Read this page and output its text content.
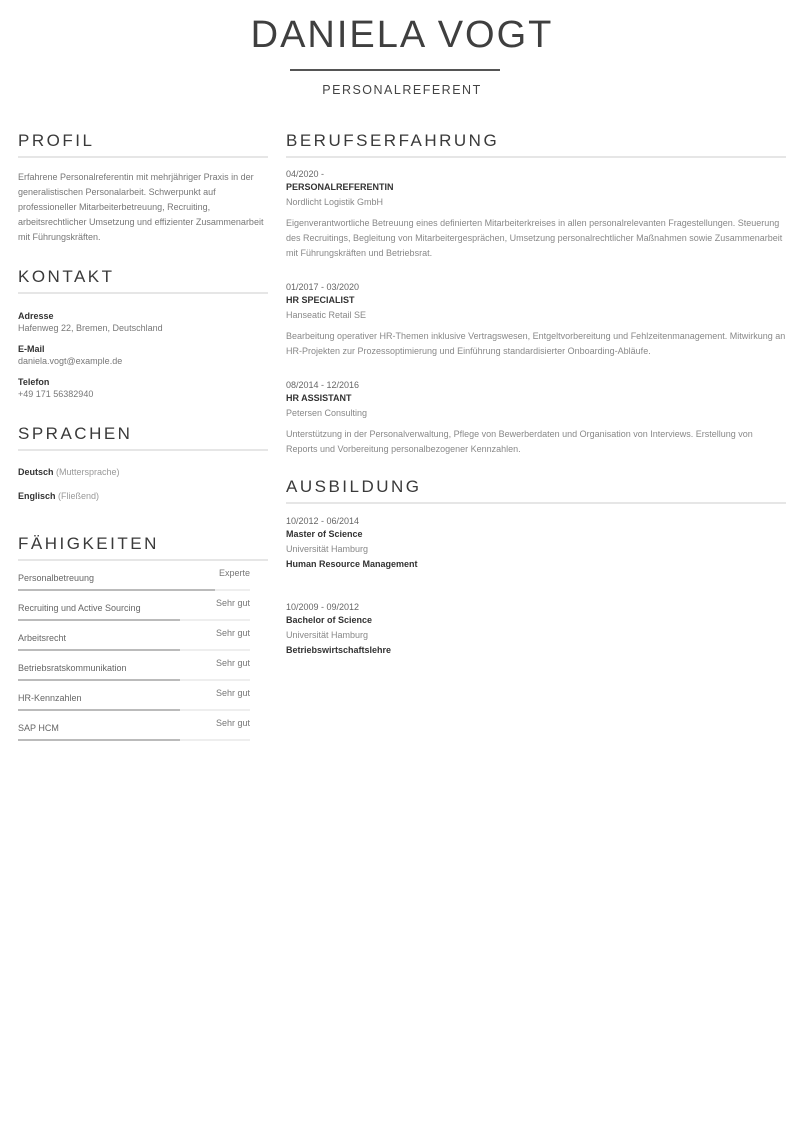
DANIELA VOGT
PERSONALREFERENT
PROFIL
Erfahrene Personalreferentin mit mehrjähriger Praxis in der generalistischen Personalarbeit. Schwerpunkt auf professioneller Mitarbeiterbetreuung, Recruiting, arbeitsrechtlicher Umsetzung und effizienter Zusammenarbeit mit Führungskräften.
KONTAKT
Adresse
Hafenweg 22, Bremen, Deutschland
E-Mail
daniela.vogt@example.de
Telefon
+49 171 56382940
SPRACHEN
Deutsch (Muttersprache)
Englisch (Fließend)
FÄHIGKEITEN
Personalbetreuung	Experte
Recruiting und Active Sourcing	Sehr gut
Arbeitsrecht	Sehr gut
Betriebsratskommunikation	Sehr gut
HR-Kennzahlen	Sehr gut
SAP HCM	Sehr gut
BERUFSERFAHRUNG
04/2020 -
PERSONALREFERENTIN
Nordlicht Logistik GmbH
Eigenverantwortliche Betreuung eines definierten Mitarbeiterkreises in allen personalrelevanten Fragestellungen. Steuerung des Recruitings, Begleitung von Mitarbeitergesprächen, Umsetzung personalrechtlicher Maßnahmen sowie Zusammenarbeit mit Führungskräften und Betriebsrat.
01/2017 - 03/2020
HR SPECIALIST
Hanseatic Retail SE
Bearbeitung operativer HR-Themen inklusive Vertragswesen, Entgeltvorbereitung und Fehlzeitenmanagement. Mitwirkung an HR-Projekten zur Prozessoptimierung und Einführung standardisierter Onboarding-Abläufe.
08/2014 - 12/2016
HR ASSISTANT
Petersen Consulting
Unterstützung in der Personalverwaltung, Pflege von Bewerberdaten und Organisation von Interviews. Erstellung von Reports und Vorbereitung personalbezogener Kennzahlen.
AUSBILDUNG
10/2012 - 06/2014
Master of Science
Universität Hamburg
Human Resource Management
10/2009 - 09/2012
Bachelor of Science
Universität Hamburg
Betriebswirtschaftslehre
